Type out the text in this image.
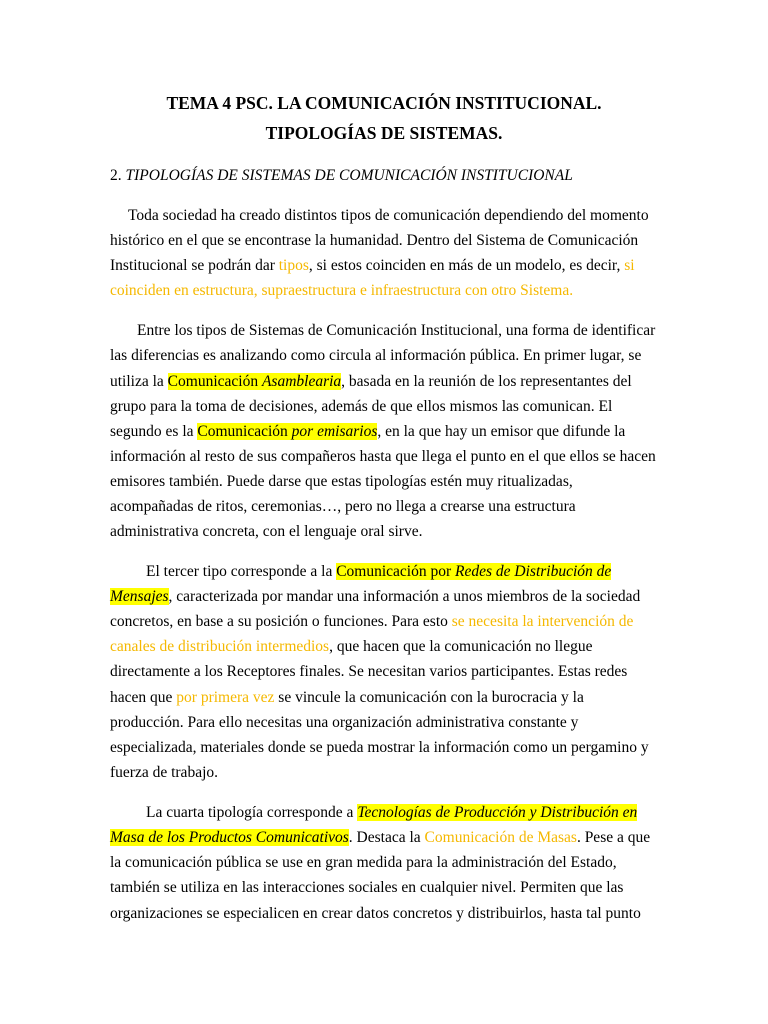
TEMA 4 PSC. LA COMUNICACIÓN INSTITUCIONAL.
TIPOLOGÍAS DE SISTEMAS.

2. TIPOLOGÍAS DE SISTEMAS DE COMUNICACIÓN INSTITUCIONAL

Toda sociedad ha creado distintos tipos de comunicación dependiendo del momento

histórico en el que se encontrase la humanidad. Dentro del Sistema de Comunicación

Institucional se podrán dar tipos, si estos coinciden en más de un modelo, es decir, si

coinciden en estructura, supraestructura e infraestructura con otro Sistema.

Entre los tipos de Sistemas de Comunicación Institucional, una forma de identificar

las diferencias es analizando como circula al información pública. En primer lugar, se

utiliza la Comunicación Asamblearia, basada en la reunión de los representantes del

grupo para la toma de decisiones, además de que ellos mismos las comunican. El

segundo es la Comunicación por emisarios, en la que hay un emisor que difunde la

información al resto de sus compañeros hasta que llega el punto en el que ellos se hacen

emisores también. Puede darse que estas tipologías estén muy ritualizadas,

acompañadas de ritos, ceremonias…, pero no llega a crearse una estructura

administrativa concreta, con el lenguaje oral sirve.

El tercer tipo corresponde a la Comunicación por Redes de Distribución de

Mensajes, caracterizada por mandar una información a unos miembros de la sociedad

concretos, en base a su posición o funciones. Para esto se necesita la intervención de

canales de distribución intermedios, que hacen que la comunicación no llegue

directamente a los Receptores finales. Se necesitan varios participantes. Estas redes

hacen que por primera vez se vincule la comunicación con la burocracia y la

producción. Para ello necesitas una organización administrativa constante y

especializada, materiales donde se pueda mostrar la información como un pergamino y

fuerza de trabajo.

La cuarta tipología corresponde a Tecnologías de Producción y Distribución en

Masa de los Productos Comunicativos. Destaca la Comunicación de Masas. Pese a que

la comunicación pública se use en gran medida para la administración del Estado,

también se utiliza en las interacciones sociales en cualquier nivel. Permiten que las

organizaciones se especialicen en crear datos concretos y distribuirlos, hasta tal punto
